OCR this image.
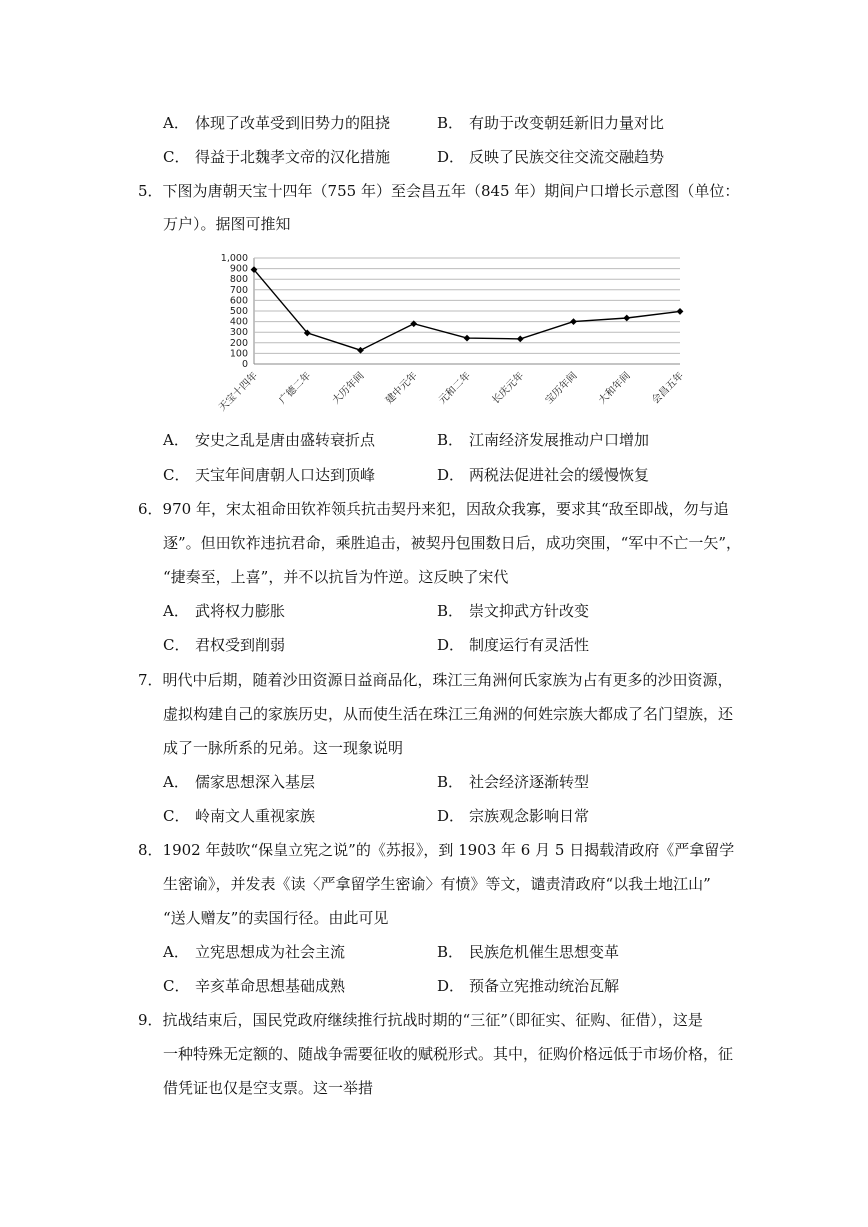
A． 体现了改革受到旧势力的阻挠	B． 有助于改变朝廷新旧力量对比
C． 得益于北魏孝文帝的汉化措施	D． 反映了民族交往交流交融趋势
5．下图为唐朝天宝十四年（755 年）至会昌五年（845 年）期间户口增长示意图（单位：
万户）。据图可推知
0
100
200
300
400
500
600
700
800
900
1,000
天宝十四年 广德二年 大历年间 建中元年 元和二年 长庆元年 宝历年间 大和年间 会昌五年
A． 安史之乱是唐由盛转衰折点	B． 江南经济发展推动户口增加
C． 天宝年间唐朝人口达到顶峰	D． 两税法促进社会的缓慢恢复
6．970 年，宋太祖命田钦祚领兵抗击契丹来犯，因敌众我寡，要求其“敌至即战，勿与追
逐”。但田钦祚违抗君命，乘胜追击，被契丹包围数日后，成功突围，“军中不亡一矢”，
“捷奏至，上喜”，并不以抗旨为忤逆。这反映了宋代
A． 武将权力膨胀	B． 崇文抑武方针改变
C． 君权受到削弱	D． 制度运行有灵活性
7．明代中后期，随着沙田资源日益商品化，珠江三角洲何氏家族为占有更多的沙田资源，
虚拟构建自己的家族历史，从而使生活在珠江三角洲的何姓宗族大都成了名门望族，还
成了一脉所系的兄弟。这一现象说明
A． 儒家思想深入基层	B． 社会经济逐渐转型
C． 岭南文人重视家族	D． 宗族观念影响日常
8．1902 年鼓吹“保皇立宪之说”的《苏报》，到 1903 年 6 月 5 日揭载清政府《严拿留学
生密谕》，并发表《读〈严拿留学生密谕〉有愤》等文，谴责清政府“以我土地江山”
“送人赠友”的卖国行径。由此可见
A． 立宪思想成为社会主流	B． 民族危机催生思想变革
C． 辛亥革命思想基础成熟	D． 预备立宪推动统治瓦解
9．抗战结束后，国民党政府继续推行抗战时期的“三征”（即征实、征购、征借），这是
一种特殊无定额的、随战争需要征收的赋税形式。其中，征购价格远低于市场价格，征
借凭证也仅是空支票。这一举措
